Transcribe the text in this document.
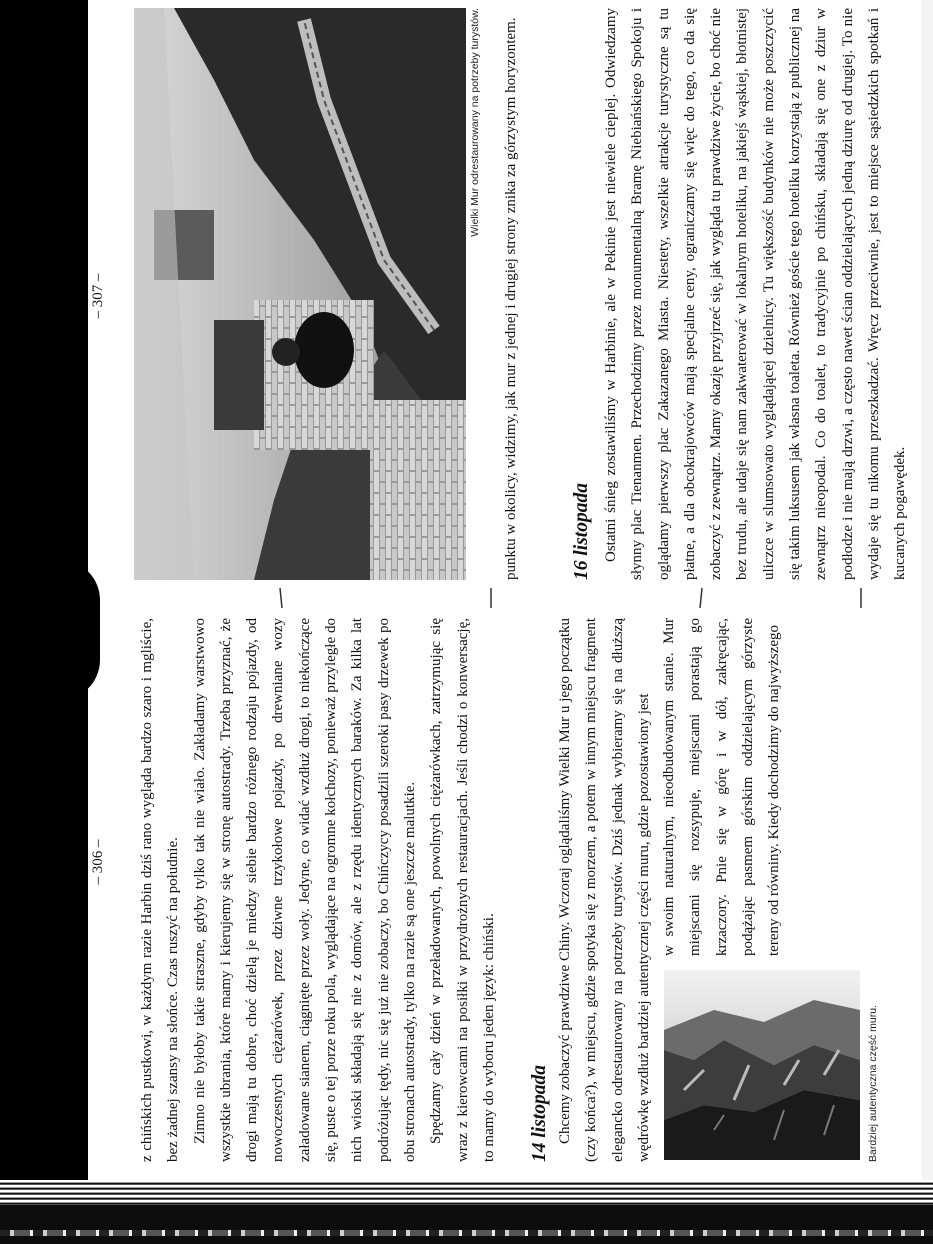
– 306 –	z chińskich pustkowi, w każdym razie Harbin dziś rano wygląda bardzo szaro i mgliście, bez żadnej szansy na słońce. Czas ruszyć na południe. Zimno nie byłoby takie straszne, gdyby tylko tak nie wiało. Zakładamy warstwowo wszystkie ubrania, które mamy i kierujemy się w stronę autostrady. Trzeba przyznać, że drogi mają tu dobre, choć dzielą je miedzy siebie bardzo różnego rodzaju pojazdy, od nowoczesnych ciężarówek, przez dziwne trzykołowe pojazdy, po drewniane wozy załadowane sianem, ciągnięte przez woły. Jedyne, co widać wzdłuż drogi, to niekończące się, puste o tej porze roku pola, wyglądające na ogromne kołchozy, ponieważ przyległe do nich wioski składają się nie z domów, ale z rzędu identycznych baraków. Za kilka lat podróżując tędy, nic się już nie zobaczy, bo Chińczycy posadzili szeroki pasy drzewek po obu stronach autostrady, tylko na razie są one jeszcze malutkie. Spędzamy cały dzień w przeładowanych, powolnych ciężarówkach, zatrzymując się wraz z kierowcami na posiłki w przydrożnych restauracjach. Jeśli chodzi o konwersację, to mamy do wyboru jeden język: chiński. 14 listopada Chcemy zobaczyć prawdziwe Chiny. Wczoraj oglądaliśmy Wielki Mur u jego początku (czy końca?), w miejscu, gdzie spotyka się z morzem, a potem w innym miejscu fragment elegancko odrestaurowany na potrzeby turystów. Dziś jednak wybieramy się na dłuższą wędrówkę wzdłuż bardziej autentycznej części muru, gdzie pozostawiony jest w swoim naturalnym, nieodbudowanym stanie. Mur miejscami się rozsypuje, miejscami porastają go krzaczory. Pnie się w górę i w dół, zakręcając, podążając pasmem górskim oddzielającym górzyste tereny od równiny. Kiedy dochodzimy do najwyższego

Bardziej autentyczna część muru.
– 307 –
Wielki Mur odrestaurowany na potrzeby turystów.	punktu w okolicy, widzimy, jak mur z jednej i drugiej strony znika za górzystym horyzontem.	16 listopada Ostatni śnieg zostawiliśmy w Harbinie, ale w Pekinie jest niewiele cieplej. Odwiedzamy słynny plac Tienanmen. Przechodzimy przez monumentalną Bramę Niebiańskiego Spokoju i oglądamy pierwszy plac Zakazanego Miasta. Niestety, wszelkie atrakcje turystyczne są tu płatne, a dla obcokrajowców mają specjalne ceny, ograniczamy się więc do tego, co da się zobaczyć z zewnątrz. Mamy okazję przyjrzeć się, jak wygląda tu prawdziwe życie, bo choć nie bez trudu, ale udaje się nam zakwaterować w lokalnym hoteliku, na jakiejś wąskiej, błotnistej uliczce w slumsowato wyglądającej dzielnicy. Tu większość budynków nie może poszczycić się takim luksusem jak własna toaleta. Również goście tego hoteliku korzystają z publicznej na zewnątrz nieopodal. Co do toalet, to tradycyjnie po chińsku, składają się one z dziur w podłodze i nie mają drzwi, a często nawet ścian oddzielających jedną dziurę od drugiej. To nie wydaje się tu nikomu przeszkadzać. Wręcz przeciwnie, jest to miejsce sąsiedzkich spotkań i kucanych pogawędek.
